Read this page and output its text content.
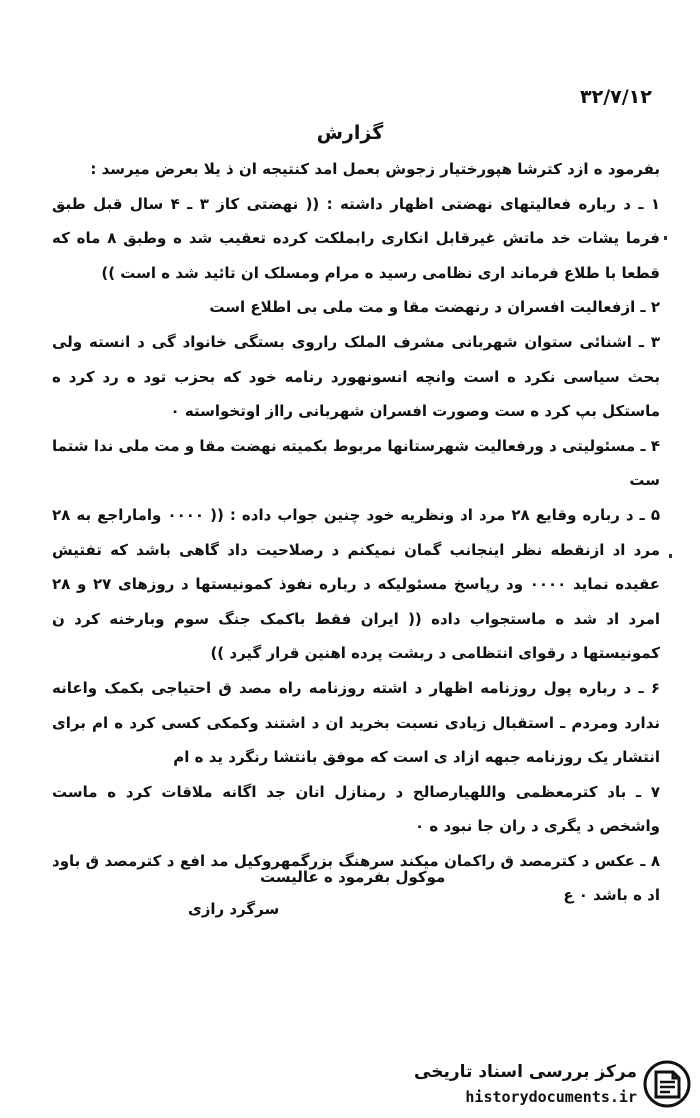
۳۲/۷/۱۲
گزارش

بفرمود ه ازد کترشا هپورختیار زجوش بعمل امد کنتیجه ان ذ یلا بعرض میرسد :

۱ ـ د رباره فعالیتهای نهضتی اظهار داشته : (( نهضتی کاز ۳ ـ ۴ سال قبل طبق فرما یشات خد ماتش غیرقابل انکاری رابملکت کرده تعقیب شد ه وطبق ۸ ماه که قطعا با طلاع فرماند اری نظامی رسید ه مرام ومسلک ان تائید شد ه است ))

۲ ـ ازفعالیت افسران د رنهضت مقا و مت ملی بی اطلاع است

۳ ـ اشنائی ستوان شهربانی مشرف الملک راروی بستگی خانواد گی د انسته ولی بحث سیاسی نکرد ه است وانچه انسونهورد رنامه خود که بحزب تود ه رد کرد ه ماستکل بپ کرد ه ست وصورت افسران شهربانی رااز اوتخواسته ۰

۴ ـ مسئولیتی د ورفعالیت شهرستانها مربوط بکمیته نهضت مقا و مت ملی ندا شتما ست

۵ ـ د رباره وقایع ۲۸ مرد اد ونظریه خود چنین جواب داده : (( ۰۰۰۰ واماراجع به ۲۸ مرد اد ازنقطه نظر اینجانب گمان نمیکنم د رصلاحیت داد گاهی باشد که تفتیش عقیده نماید ۰۰۰۰ ود رپاسخ مسئولیکه د رباره نفوذ کمونیستها د روزهای ۲۷ و ۲۸ امرد اد شد ه ماستجواب داده (( ایران فقط باکمک جنگ سوم وبارخنه کرد ن کمونیستها د رقوای انتظامی د ربشت پرده اهنین قرار گیرد ))

۶ ـ د رباره پول روزنامه اظهار د اشته روزنامه راه مصد ق احتیاجی بکمک واعانه ندارد ومردم ـ استقبال زیادی نسبت بخرید ان د اشتند وکمکی کسی کرد ه ام برای انتشار یک روزنامه جبهه ازاد ی است که موفق بانتشا رنگرد ید ه ام

۷ ـ باد کترمعظمی واللهیارصالح د رمنازل انان جد اگانه ملاقات کرد ه ماست واشخص د یگری د ران جا نبود ه ۰

۸ ـ عکس د کترمصد ق راکمان میکند سرهنگ بزرگمهروکیل مد افع د کترمصد ق باود اد ه باشد ۰ ع

موکول بفرمود ه عالیست
سرگرد رازی
مرکز بررسی اسناد تاریخی
historydocuments.ir
